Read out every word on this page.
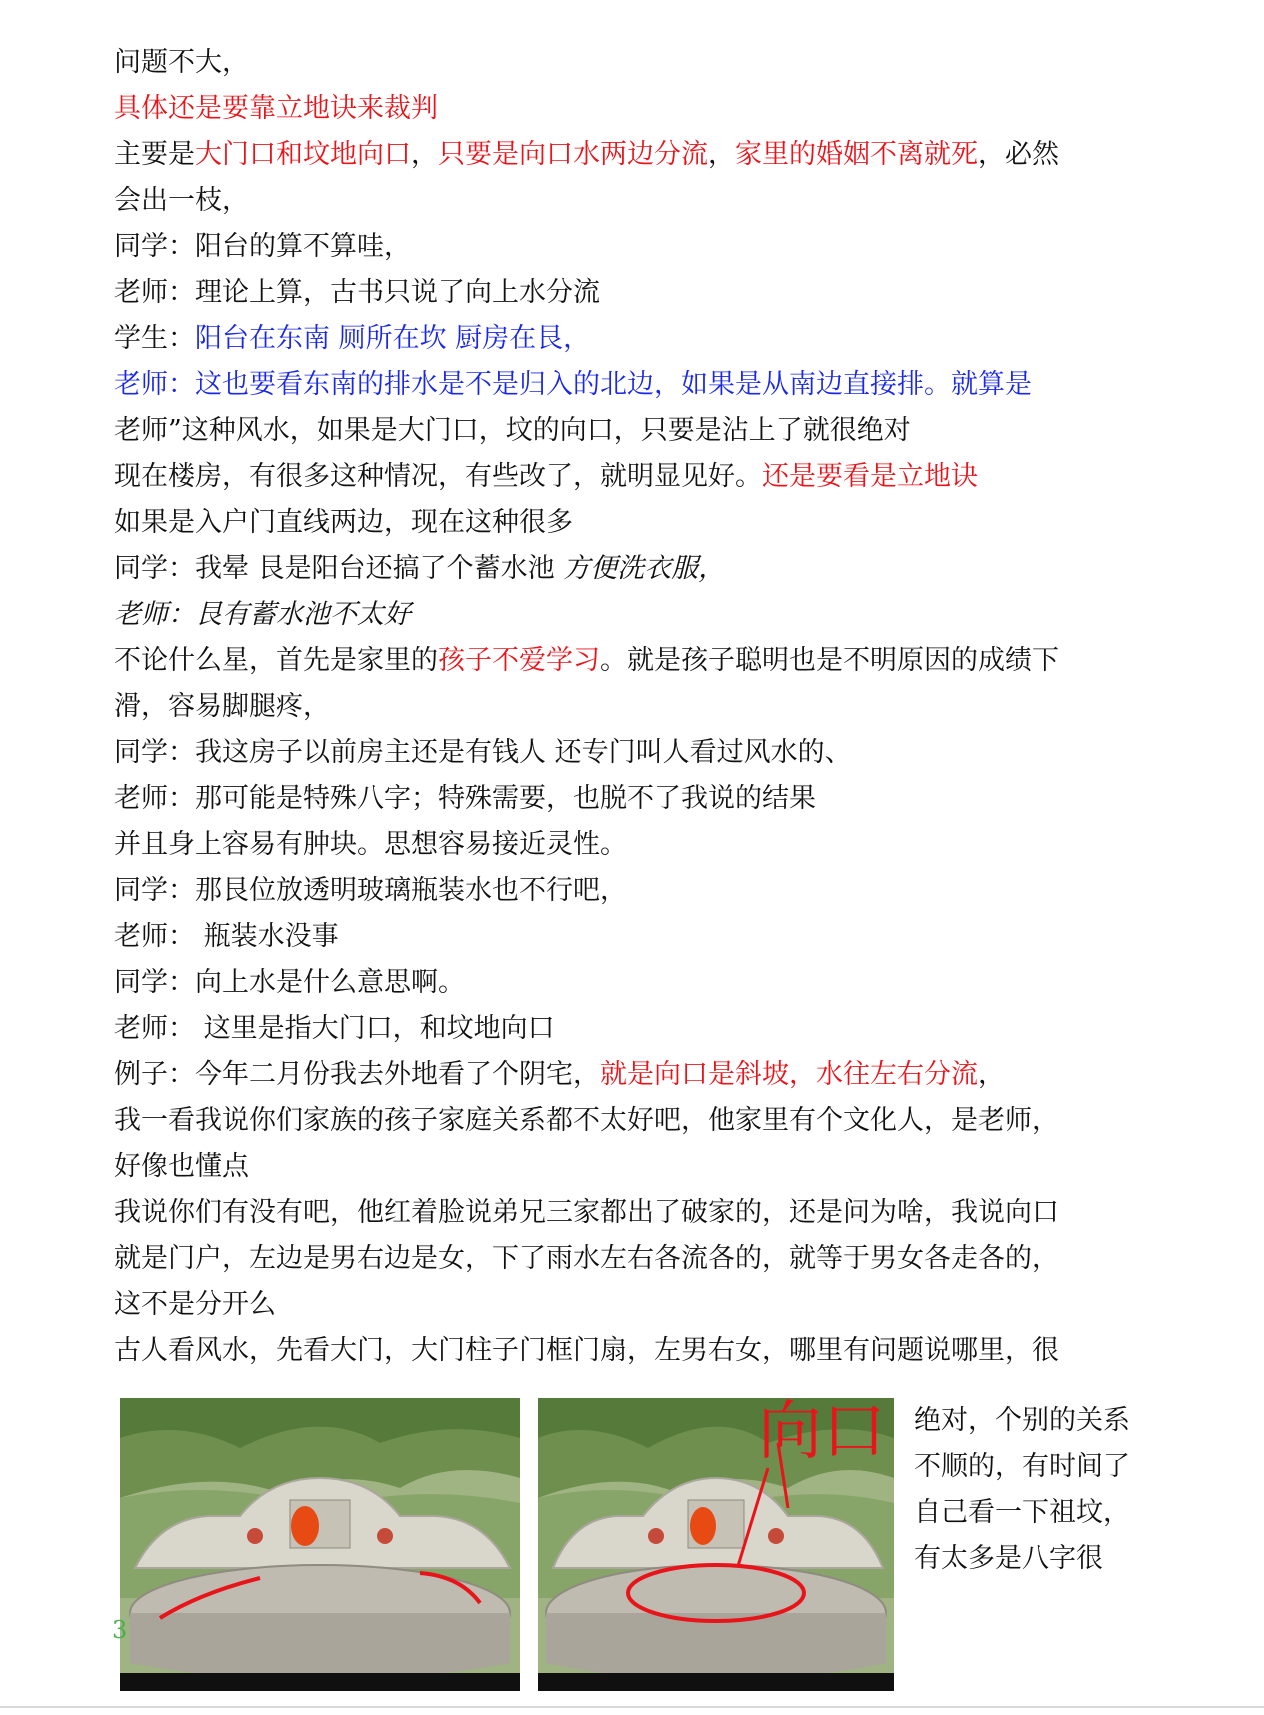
问题不大，

具体还是要靠立地诀来裁判

主要是大门口和坟地向口，只要是向口水两边分流，家里的婚姻不离就死，必然

会出一枝，

同学：阳台的算不算哇，

老师：理论上算，古书只说了向上水分流

学生：阳台在东南 厕所在坎 厨房在艮，

老师：这也要看东南的排水是不是归入的北边，如果是从南边直接排。就算是

老师”这种风水，如果是大门口，坟的向口，只要是沾上了就很绝对

现在楼房，有很多这种情况，有些改了，就明显见好。还是要看是立地诀

如果是入户门直线两边，现在这种很多

同学：我晕 艮是阳台还搞了个蓄水池 方便洗衣服，

老师：艮有蓄水池不太好

不论什么星，首先是家里的孩子不爱学习。就是孩子聪明也是不明原因的成绩下

滑，容易脚腿疼，

同学：我这房子以前房主还是有钱人 还专门叫人看过风水的、

老师：那可能是特殊八字；特殊需要，也脱不了我说的结果

并且身上容易有肿块。思想容易接近灵性。

同学：那艮位放透明玻璃瓶装水也不行吧，

老师： 瓶装水没事

同学：向上水是什么意思啊。

老师： 这里是指大门口，和坟地向口

例子：今年二月份我去外地看了个阴宅，就是向口是斜坡，水往左右分流，

我一看我说你们家族的孩子家庭关系都不太好吧，他家里有个文化人，是老师，

好像也懂点

我说你们有没有吧，他红着脸说弟兄三家都出了破家的，还是问为啥，我说向口

就是门户，左边是男右边是女，下了雨水左右各流各的，就等于男女各走各的，

这不是分开么

古人看风水，先看大门，大门柱子门框门扇，左男右女，哪里有问题说哪里，很

向口 绝对，个别的关系
不顺的，有时间了
自己看一下祖坟，
有太多是八字很
3
